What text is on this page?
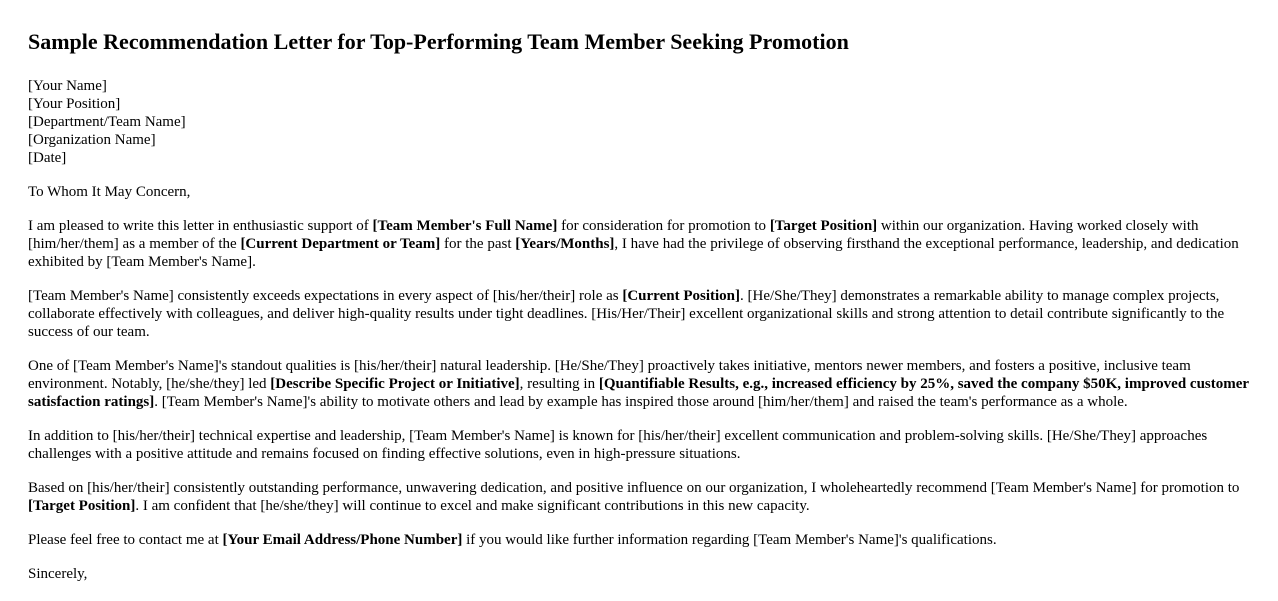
Sample Recommendation Letter for Top-Performing Team Member Seeking Promotion
[Your Name]
[Your Position]
[Department/Team Name]
[Organization Name]
[Date]

To Whom It May Concern,

I am pleased to write this letter in enthusiastic support of [Team Member's Full Name] for consideration for promotion to [Target Position] within our organization. Having worked closely with [him/her/them] as a member of the [Current Department or Team] for the past [Years/Months], I have had the privilege of observing firsthand the exceptional performance, leadership, and dedication exhibited by [Team Member's Name].

[Team Member's Name] consistently exceeds expectations in every aspect of [his/her/their] role as [Current Position]. [He/She/They] demonstrates a remarkable ability to manage complex projects, collaborate effectively with colleagues, and deliver high-quality results under tight deadlines. [His/Her/Their] excellent organizational skills and strong attention to detail contribute significantly to the success of our team.

One of [Team Member's Name]'s standout qualities is [his/her/their] natural leadership. [He/She/They] proactively takes initiative, mentors newer members, and fosters a positive, inclusive team environment. Notably, [he/she/they] led [Describe Specific Project or Initiative], resulting in [Quantifiable Results, e.g., increased efficiency by 25%, saved the company $50K, improved customer satisfaction ratings]. [Team Member's Name]'s ability to motivate others and lead by example has inspired those around [him/her/them] and raised the team's performance as a whole.

In addition to [his/her/their] technical expertise and leadership, [Team Member's Name] is known for [his/her/their] excellent communication and problem-solving skills. [He/She/They] approaches challenges with a positive attitude and remains focused on finding effective solutions, even in high-pressure situations.

Based on [his/her/their] consistently outstanding performance, unwavering dedication, and positive influence on our organization, I wholeheartedly recommend [Team Member's Name] for promotion to [Target Position]. I am confident that [he/she/they] will continue to excel and make significant contributions in this new capacity.

Please feel free to contact me at [Your Email Address/Phone Number] if you would like further information regarding [Team Member's Name]'s qualifications.

Sincerely,
